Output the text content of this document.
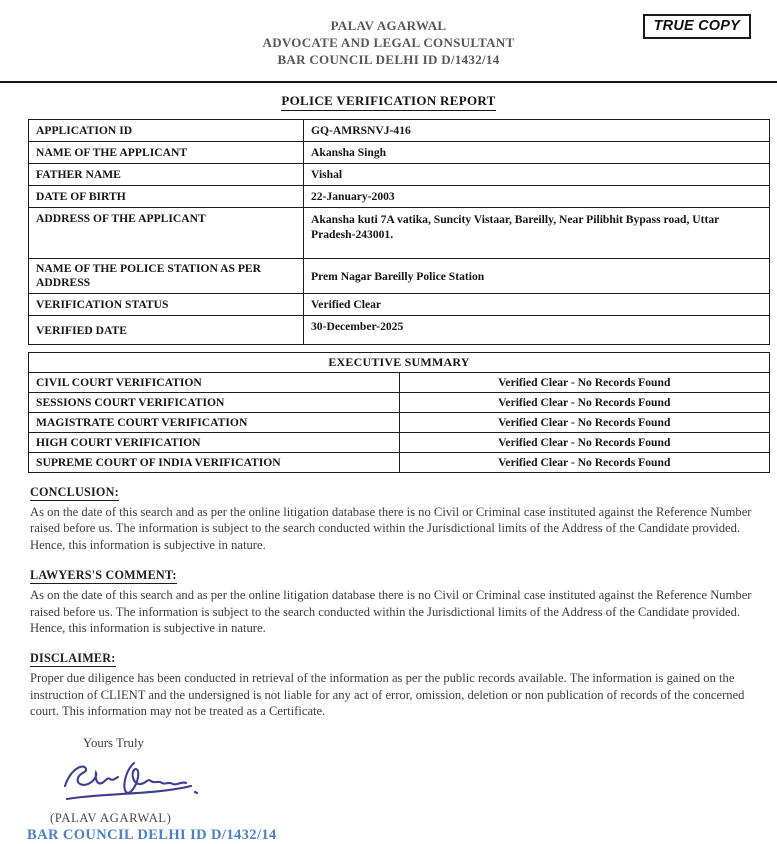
PALAV AGARWAL
ADVOCATE AND LEGAL CONSULTANT
BAR COUNCIL DELHI ID D/1432/14
TRUE COPY
POLICE VERIFICATION REPORT
APPLICATION ID	GQ-AMRSNVJ-416
NAME OF THE APPLICANT	Akansha Singh
FATHER NAME	Vishal
DATE OF BIRTH	22-January-2003
ADDRESS OF THE APPLICANT	Akansha kuti 7A vatika, Suncity Vistaar, Bareilly, Near Pilibhit Bypass road, Uttar Pradesh-243001.
NAME OF THE POLICE STATION AS PER ADDRESS	Prem Nagar Bareilly Police Station
VERIFICATION STATUS	Verified Clear
VERIFIED DATE	30-December-2025
EXECUTIVE SUMMARY	
CIVIL COURT VERIFICATION	Verified Clear - No Records Found
SESSIONS COURT VERIFICATION	Verified Clear - No Records Found
MAGISTRATE COURT VERIFICATION	Verified Clear - No Records Found
HIGH COURT VERIFICATION	Verified Clear - No Records Found
SUPREME COURT OF INDIA VERIFICATION	Verified Clear - No Records Found
CONCLUSION:
As on the date of this search and as per the online litigation database there is no Civil or Criminal case instituted against the Reference Number raised before us. The information is subject to the search conducted within the Jurisdictional limits of the Address of the Candidate provided. Hence, this information is subjective in nature.
LAWYERS'S COMMENT:
As on the date of this search and as per the online litigation database there is no Civil or Criminal case instituted against the Reference Number raised before us. The information is subject to the search conducted within the Jurisdictional limits of the Address of the Candidate provided. Hence, this information is subjective in nature.
DISCLAIMER:
Proper due diligence has been conducted in retrieval of the information as per the public records available. The information is gained on the instruction of CLIENT and the undersigned is not liable for any act of error, omission, deletion or non publication of records of the concerned court. This information may not be treated as a Certificate.
Yours Truly
(PALAV AGARWAL)
BAR COUNCIL DELHI ID D/1432/14
